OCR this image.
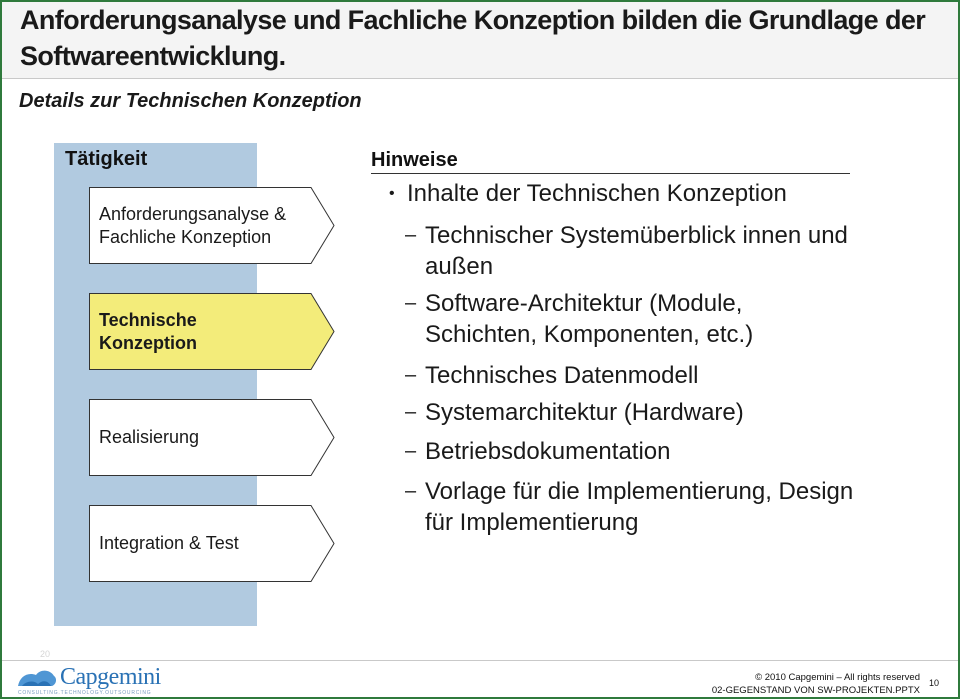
Anforderungsanalyse und Fachliche Konzeption bilden die Grundlage der Softwareentwicklung.
Details zur Technischen Konzeption
Tätigkeit
Anforderungsanalyse & Fachliche Konzeption
Technische Konzeption
Realisierung
Integration & Test
Hinweise
• Inhalte der Technischen Konzeption
– Technischer Systemüberblick innen und außen
– Software-Architektur (Module, Schichten, Komponenten, etc.)
– Technisches Datenmodell
– Systemarchitektur (Hardware)
– Betriebsdokumentation
– Vorlage für die Implementierung, Design für Implementierung
20
Capgemini
CONSULTING.TECHNOLOGY.OUTSOURCING
© 2010 Capgemini – All rights reserved
02-GEGENSTAND VON SW-PROJEKTEN.PPTX
10
